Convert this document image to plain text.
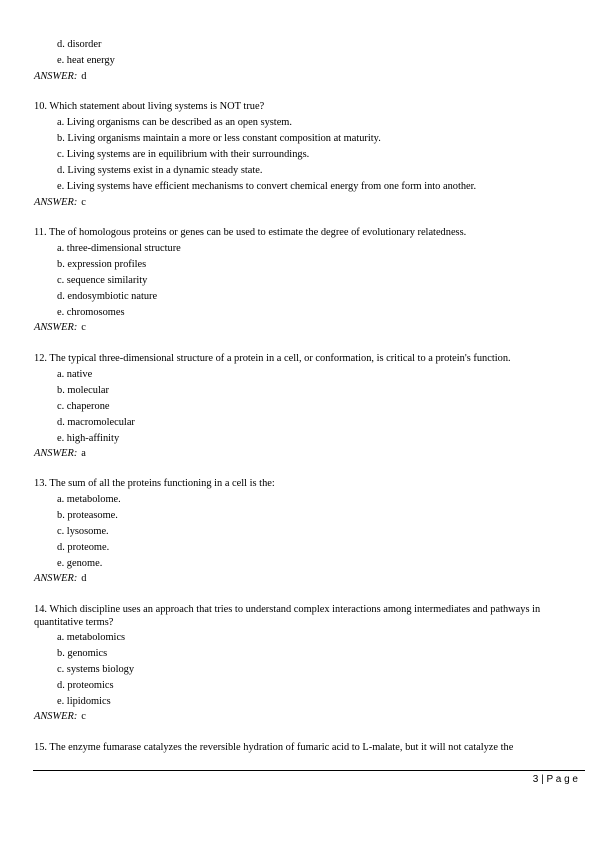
d. disorder
e. heat energy
ANSWER: d
10. Which statement about living systems is NOT true?
a. Living organisms can be described as an open system.
b. Living organisms maintain a more or less constant composition at maturity.
c. Living systems are in equilibrium with their surroundings.
d. Living systems exist in a dynamic steady state.
e. Living systems have efficient mechanisms to convert chemical energy from one form into another.
ANSWER: c
11. The of homologous proteins or genes can be used to estimate the degree of evolutionary relatedness.
a. three-dimensional structure
b. expression profiles
c. sequence similarity
d. endosymbiotic nature
e. chromosomes
ANSWER: c
12. The typical three-dimensional structure of a protein in a cell, or conformation, is critical to a protein's function.
a. native
b. molecular
c. chaperone
d. macromolecular
e. high-affinity
ANSWER: a
13. The sum of all the proteins functioning in a cell is the:
a. metabolome.
b. proteasome.
c. lysosome.
d. proteome.
e. genome.
ANSWER: d
14. Which discipline uses an approach that tries to understand complex interactions among intermediates and pathways in
quantitative terms?
a. metabolomics
b. genomics
c. systems biology
d. proteomics
e. lipidomics
ANSWER: c
15. The enzyme fumarase catalyzes the reversible hydration of fumaric acid to L-malate, but it will not catalyze the
3 | P a g e
